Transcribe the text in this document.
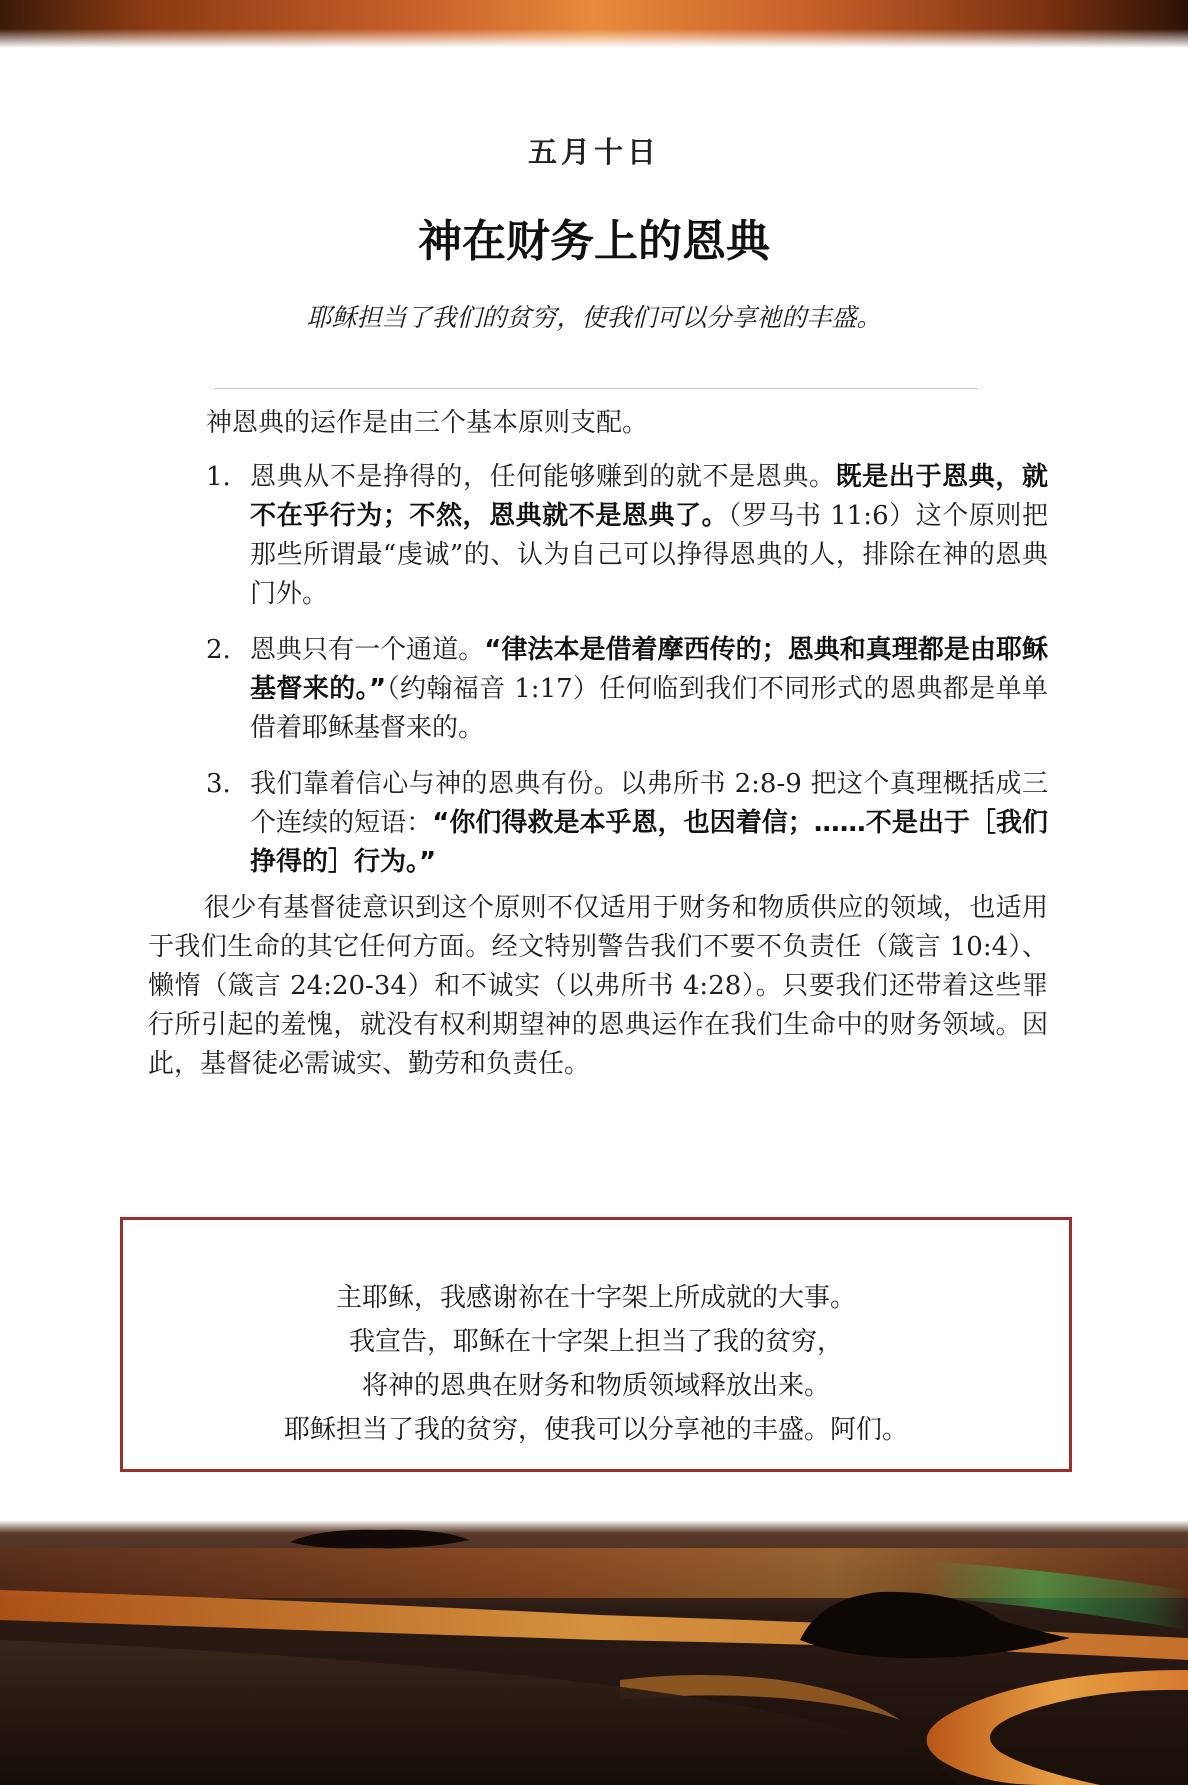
五月十日
神在财务上的恩典
耶稣担当了我们的贫穷，使我们可以分享祂的丰盛。
神恩典的运作是由三个基本原则支配。
1. 恩典从不是挣得的，任何能够赚到的就不是恩典。既是出于恩典，就不在乎行为；不然，恩典就不是恩典了。（罗马书 11:6）这个原则把那些所谓最“虔诚”的、认为自己可以挣得恩典的人，排除在神的恩典门外。
2. 恩典只有一个通道。“律法本是借着摩西传的；恩典和真理都是由耶稣基督来的。”（约翰福音 1:17）任何临到我们不同形式的恩典都是单单借着耶稣基督来的。
3. 我们靠着信心与神的恩典有份。以弗所书 2:8-9 把这个真理概括成三个连续的短语：“你们得救是本乎恩，也因着信；……不是出于［我们挣得的］行为。”

很少有基督徒意识到这个原则不仅适用于财务和物质供应的领域，也适用于我们生命的其它任何方面。经文特别警告我们不要不负责任（箴言 10:4）、懒惰（箴言 24:20-34）和不诚实（以弗所书 4:28）。只要我们还带着这些罪行所引起的羞愧，就没有权利期望神的恩典运作在我们生命中的财务领域。因此，基督徒必需诚实、勤劳和负责任。

主耶稣，我感谢祢在十字架上所成就的大事。
我宣告，耶稣在十字架上担当了我的贫穷，
将神的恩典在财务和物质领域释放出来。
耶稣担当了我的贫穷，使我可以分享祂的丰盛。阿们。
